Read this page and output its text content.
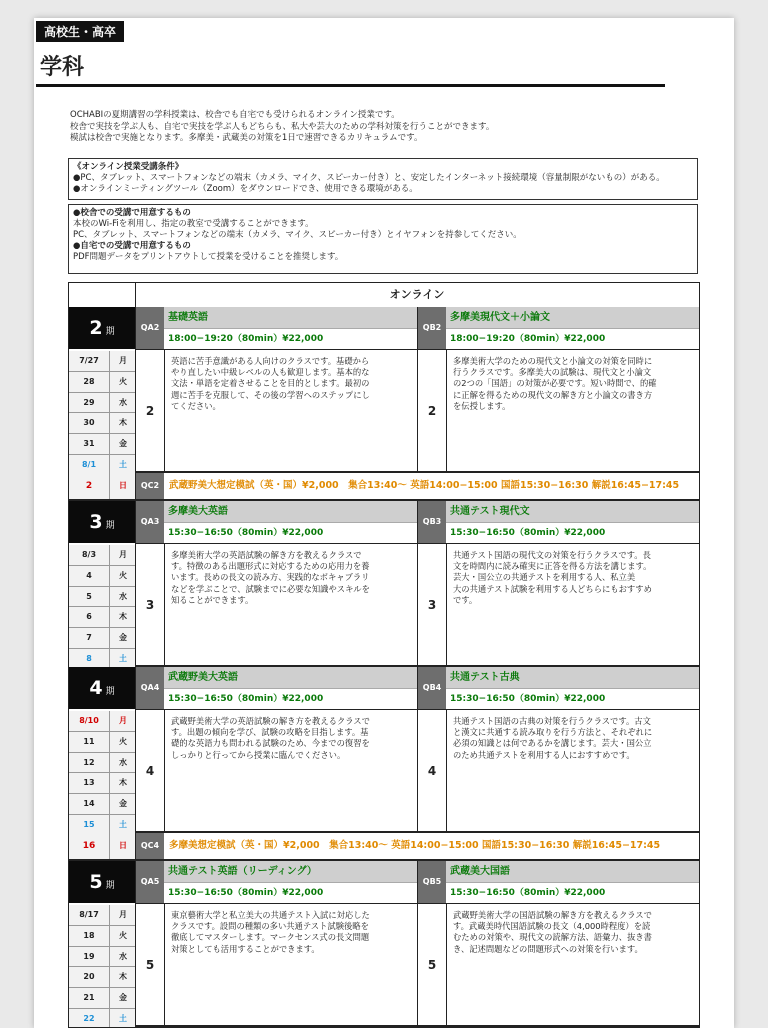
高校生・高卒
学科
OCHABIの夏期講習の学科授業は、校舎でも自宅でも受けられるオンライン授業です。
校舎で実技を学ぶ人も、自宅で実技を学ぶ人もどちらも、私大や芸大のための学科対策を行うことができます。
模試は校舎で実施となります。多摩美・武蔵美の対策を1日で速習できるカリキュラムです。
《オンライン授業受講条件》
●PC、タブレット、スマートフォンなどの端末（カメラ、マイク、スピーカー付き）と、安定したインターネット接続環境（容量制限がないもの）がある。
●オンラインミーティングツール（Zoom）をダウンロードでき、使用できる環境がある。
●校舎での受講で用意するもの
本校のWi-Fiを利用し、指定の教室で受講することができます。
PC、タブレット、スマートフォンなどの端末（カメラ、マイク、スピーカー付き）とイヤフォンを持参してください。
●自宅での受講で用意するもの
PDF問題データをプリントアウトして授業を受けることを推奨します。
オンライン
2 期
7/27	月
28	火
29	水
30	木
31	金
8/1	土
QA2
基礎英語
18:00−19:20（80min）¥22,000
2
英語に苦手意識がある人向けのクラスです。基礎から
やり直したい中級レベルの人も歓迎します。基本的な
文法・単語を定着させることを目的とします。最初の
週に苦手を克服して、その後の学習へのステップにし
てください。
QB2
多摩美現代文＋小論文
18:00−19:20（80min）¥22,000
2
多摩美術大学のための現代文と小論文の対策を同時に
行うクラスです。多摩美大の試験は、現代文と小論文
の2つの「国語」の対策が必要です。短い時間で、的確
に正解を得るための現代文の解き方と小論文の書き方
を伝授します。
2	日	QC2	武蔵野美大想定模試（英・国）¥2,000　集合13:40〜 英語14:00−15:00 国語15:30−16:30 解説16:45−17:45
3 期
8/3	月
4	火
5	水
6	木
7	金
8	土
QA3
多摩美大英語
15:30−16:50（80min）¥22,000
3
多摩美術大学の英語試験の解き方を教えるクラスで
す。特徴のある出題形式に対応するための応用力を養
います。長めの長文の読み方、実践的なボキャブラリ
などを学ぶことで、試験までに必要な知識やスキルを
知ることができます。
QB3
共通テスト現代文
15:30−16:50（80min）¥22,000
3
共通テスト国語の現代文の対策を行うクラスです。長
文を時間内に読み確実に正答を得る方法を講じます。
芸大・国公立の共通テストを利用する人、私立美
大の共通テスト試験を利用する人どちらにもおすすめ
です。
4 期
8/10	月
11	火
12	水
13	木
14	金
15	土
QA4
武蔵野美大英語
15:30−16:50（80min）¥22,000
4
武蔵野美術大学の英語試験の解き方を教えるクラスで
す。出題の傾向を学び、試験の攻略を目指します。基
礎的な英語力も問われる試験のため、今までの復習を
しっかりと行ってから授業に臨んでください。
QB4
共通テスト古典
15:30−16:50（80min）¥22,000
4
共通テスト国語の古典の対策を行うクラスです。古文
と漢文に共通する読み取りを行う方法と、それぞれに
必須の知識とは何であるかを講じます。芸大・国公立
のため共通テストを利用する人におすすめです。
16	日	QC4	多摩美想定模試（英・国）¥2,000　集合13:40〜 英語14:00−15:00 国語15:30−16:30 解説16:45−17:45
5 期
8/17	月
18	火
19	水
20	木
21	金
22	土
QA5
共通テスト英語（リーディング）
15:30−16:50（80min）¥22,000
5
東京藝術大学と私立美大の共通テスト入試に対応した
クラスです。設問の種類の多い共通テスト試験後略を
徹底してマスターします。マークセンス式の長文問題
対策としても活用することができます。
QB5
武蔵美大国語
15:30−16:50（80min）¥22,000
5
武蔵野美術大学の国語試験の解き方を教えるクラスで
す。武蔵美時代国語試験の長文（4,000時程度）を読
むための対策や、現代文の読解方法、語彙力、抜き書
き、記述問題などの問題形式への対策を行います。
